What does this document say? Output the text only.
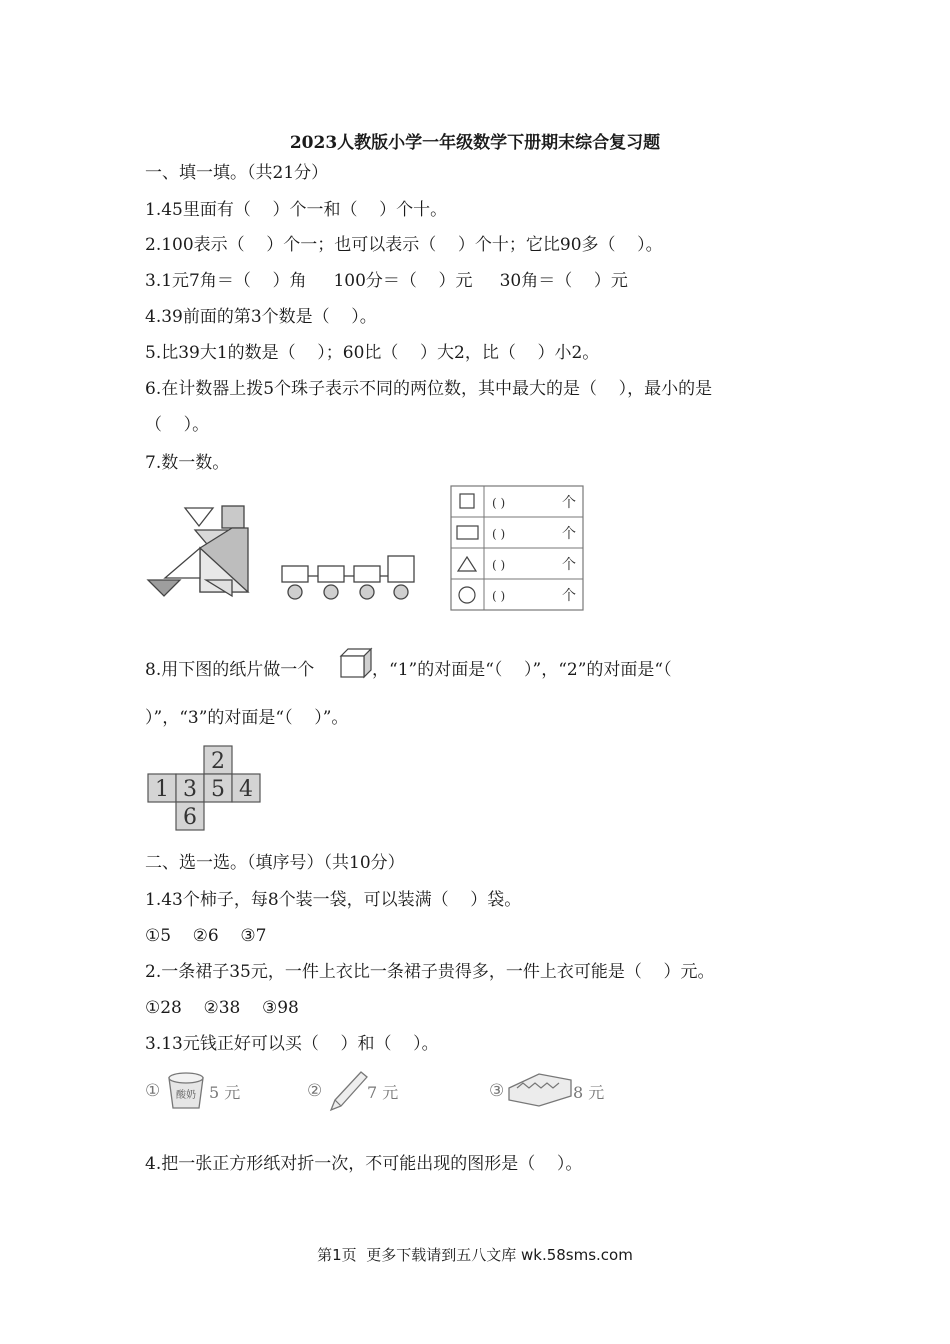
2023人教版小学一年级数学下册期末综合复习题
一、填一填。（共21分）
1.45里面有（    ）个一和（    ）个十。
2.100表示（    ）个一；也可以表示（    ）个十；它比90多（    ）。
3.1元7角＝（    ）角     100分＝（    ）元     30角＝（    ）元
4.39前面的第3个数是（    ）。
5.比39大1的数是（    ）；60比（    ）大2，比（    ）小2。
6.在计数器上拨5个珠子表示不同的两位数，其中最大的是（    ），最小的是
（    ）。
7.数一数。
( )	个
( )	个
( )	个
( )	个
8.用下图的纸片做一个	，“1”的对面是“（    ）”，“2”的对面是“（
）”，“3”的对面是“（    ）”。
2
1 3 5 4
6
二、选一选。（填序号）（共10分）
1.43个柿子，每8个装一袋，可以装满（    ）袋。
①5    ②6    ③7
2.一条裙子35元，一件上衣比一条裙子贵得多，一件上衣可能是（    ）元。
①28    ②38    ③98
3.13元钱正好可以买（    ）和（    ）。
① 酸奶 5 元	②	7 元	③	8 元
4.把一张正方形纸对折一次，不可能出现的图形是（    ）。
第1页  更多下载请到五八文库 wk.58sms.com
